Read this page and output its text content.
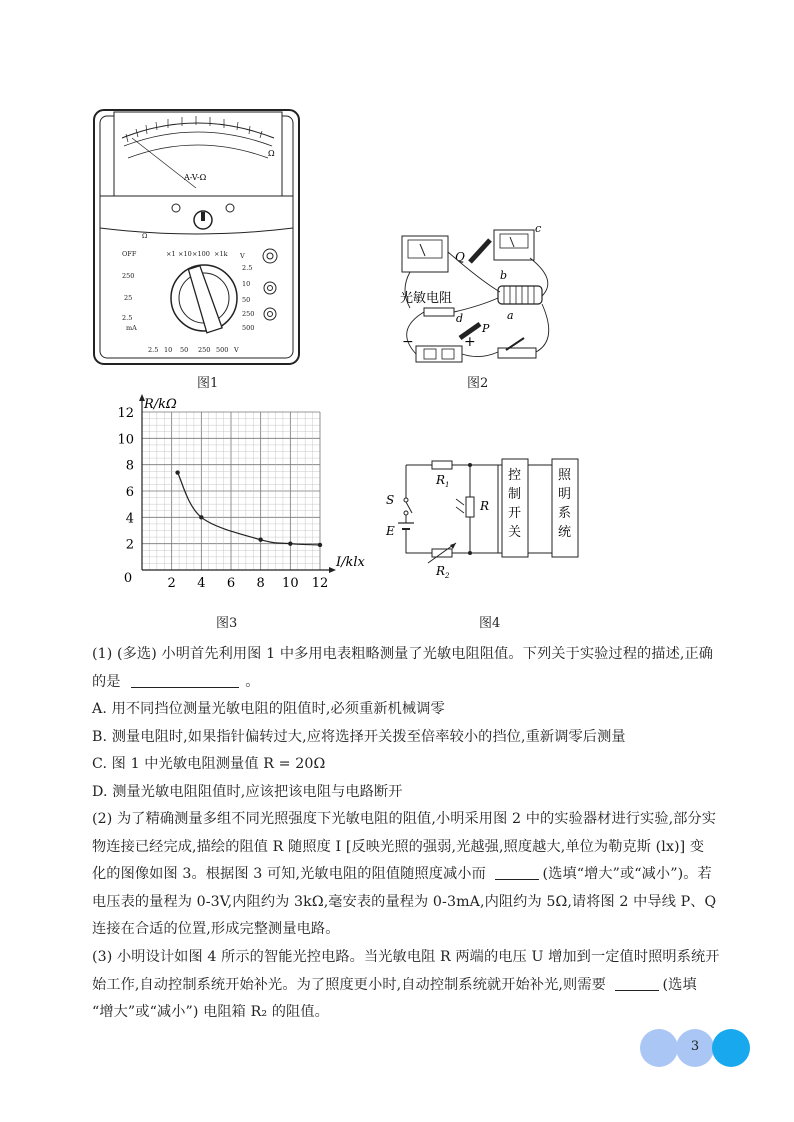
A-V-Ω
Ω
OFF
250
25
2.5
mA
×1 ×10 ×100 ×1k V
2.5
10
50
250
500
2.5 10 50 250 500 V
Ω
图1
Q
b
c
a
光敏电阻
d
P
−	+
图2
2 4 6 8 10 12
2
4
6
8
10
12
0
R/kΩ
I/klx
图3
S
E
R 1
R 2
R
控制开关
照明系统
图4
(1) (多选) 小明首先利用图 1 中多用电表粗略测量了光敏电阻阻值。下列关于实验过程的描述,正确
的是	。
A. 用不同挡位测量光敏电阻的阻值时,必须重新机械调零
B. 测量电阻时,如果指针偏转过大,应将选择开关拨至倍率较小的挡位,重新调零后测量
C. 图 1 中光敏电阻测量值 R = 20Ω
D. 测量光敏电阻阻值时,应该把该电阻与电路断开
(2) 为了精确测量多组不同光照强度下光敏电阻的阻值,小明采用图 2 中的实验器材进行实验,部分实
物连接已经完成,描绘的阻值 R 随照度 I [反映光照的强弱,光越强,照度越大,单位为勒克斯 (lx)] 变
化的图像如图 3。根据图 3 可知,光敏电阻的阻值随照度减小而	(选填“增大”或“减小”)。若
电压表的量程为 0-3V,内阻约为 3kΩ,毫安表的量程为 0-3mA,内阻约为 5Ω,请将图 2 中导线 P、Q
连接在合适的位置,形成完整测量电路。
(3) 小明设计如图 4 所示的智能光控电路。当光敏电阻 R 两端的电压 U 增加到一定值时照明系统开
始工作,自动控制系统开始补光。为了照度更小时,自动控制系统就开始补光,则需要	(选填
“增大”或“减小”) 电阻箱 R₂ 的阻值。
3
